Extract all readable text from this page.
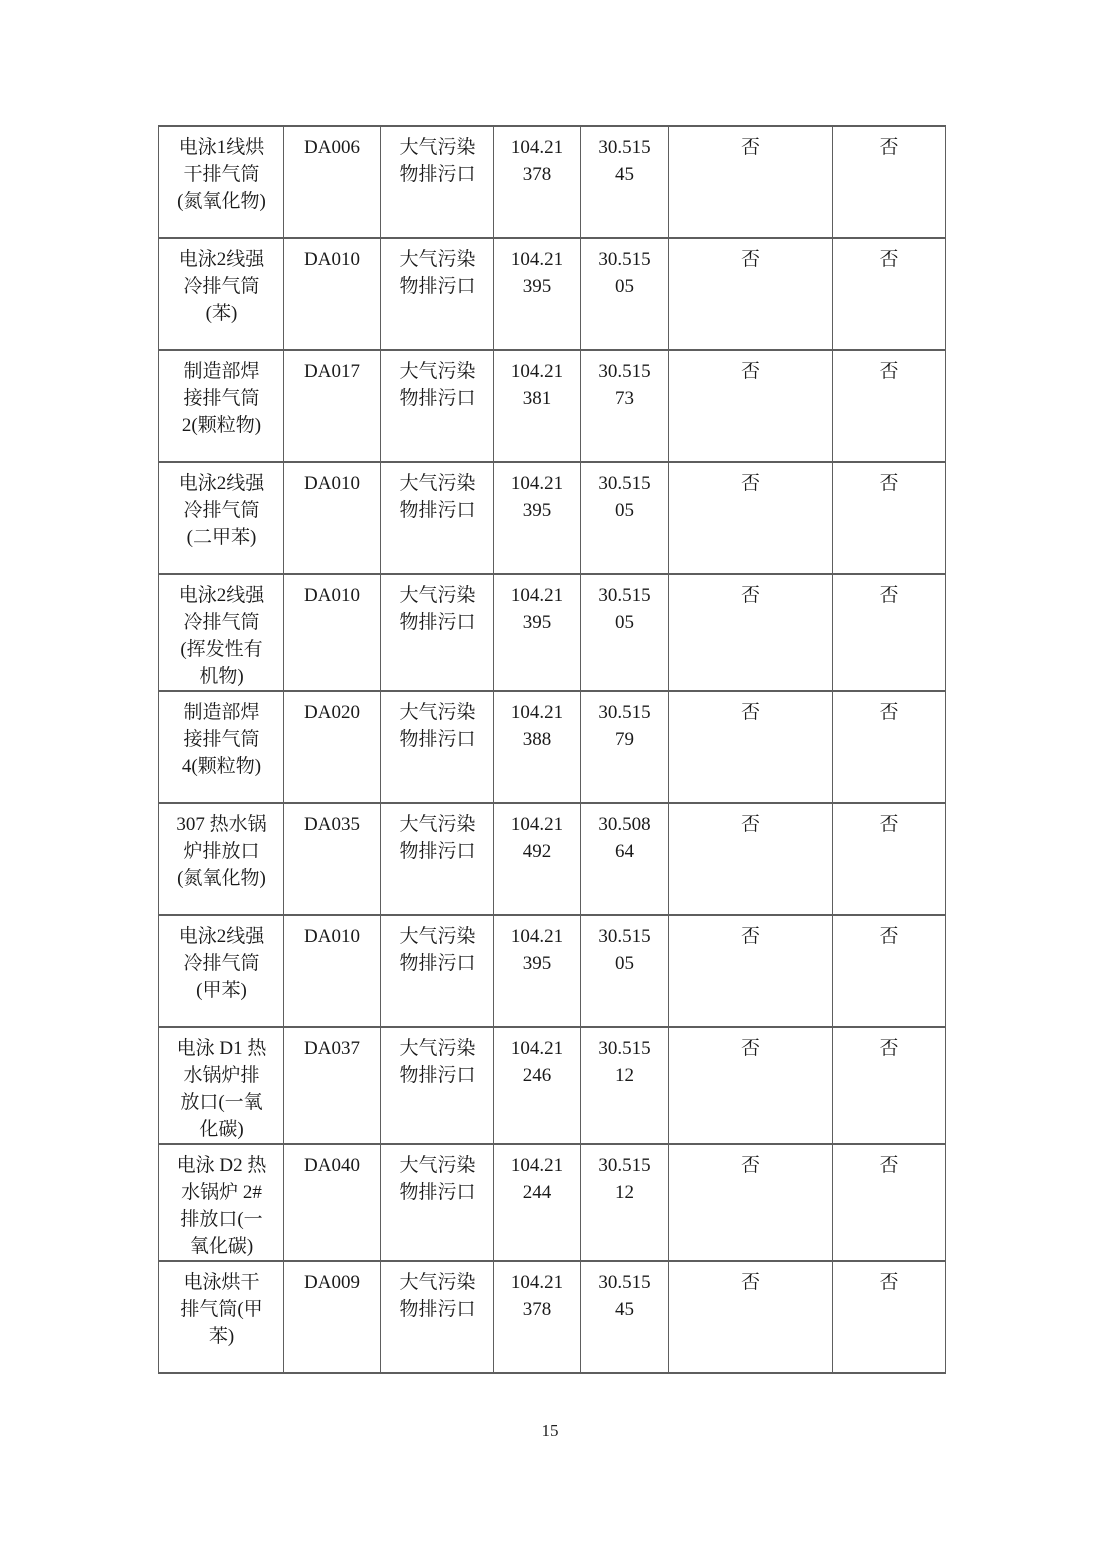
电泳1线烘干排气筒(氮氧化物)	DA006	大气污染物排污口	104.21378	30.51545	否	否
电泳2线强冷排气筒(苯)	DA010	大气污染物排污口	104.21395	30.51505	否	否
制造部焊接排气筒2(颗粒物)	DA017	大气污染物排污口	104.21381	30.51573	否	否
电泳2线强冷排气筒(二甲苯)	DA010	大气污染物排污口	104.21395	30.51505	否	否
电泳2线强冷排气筒(挥发性有机物)	DA010	大气污染物排污口	104.21395	30.51505	否	否
制造部焊接排气筒4(颗粒物)	DA020	大气污染物排污口	104.21388	30.51579	否	否
307 热水锅炉排放口(氮氧化物)	DA035	大气污染物排污口	104.21492	30.50864	否	否
电泳2线强冷排气筒(甲苯)	DA010	大气污染物排污口	104.21395	30.51505	否	否
电泳 D1 热水锅炉排放口(一氧化碳)	DA037	大气污染物排污口	104.21246	30.51512	否	否
电泳 D2 热水锅炉 2# 排放口(一氧化碳)	DA040	大气污染物排污口	104.21244	30.51512	否	否
电泳烘干排气筒(甲苯)	DA009	大气污染物排污口	104.21378	30.51545	否	否
15
